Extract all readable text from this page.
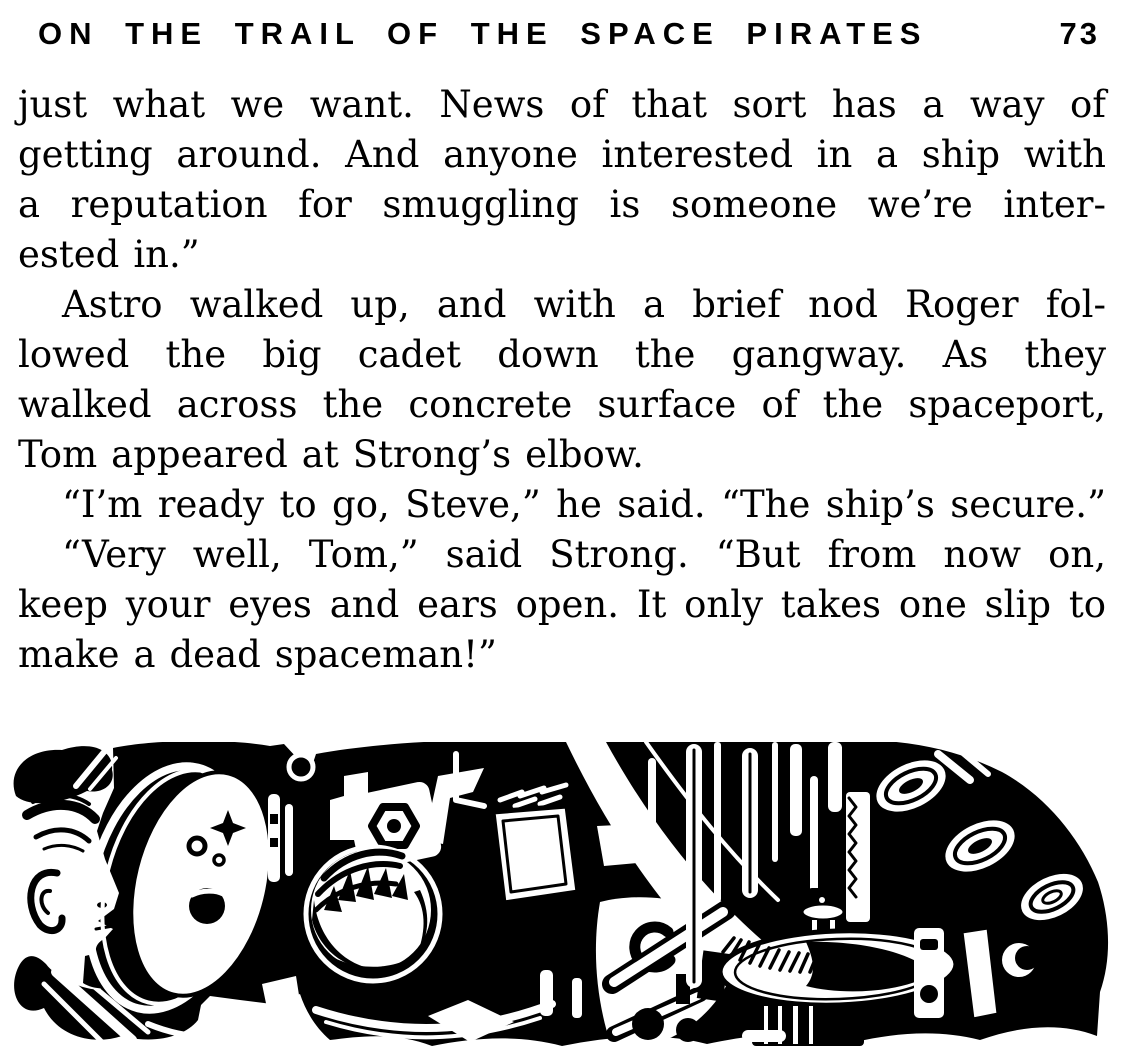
ON THE TRAIL OF THE SPACE PIRATES	73
just what we want. News of that sort has a way of
getting around. And anyone interested in a ship with
a reputation for smuggling is someone we’re inter-
ested in.”
Astro walked up, and with a brief nod Roger fol-
lowed the big cadet down the gangway. As they
walked across the concrete surface of the spaceport,
Tom appeared at Strong’s elbow.
“I’m ready to go, Steve,” he said. “The ship’s secure.”
“Very well, Tom,” said Strong. “But from now on,
keep your eyes and ears open. It only takes one slip to
make a dead spaceman!”
